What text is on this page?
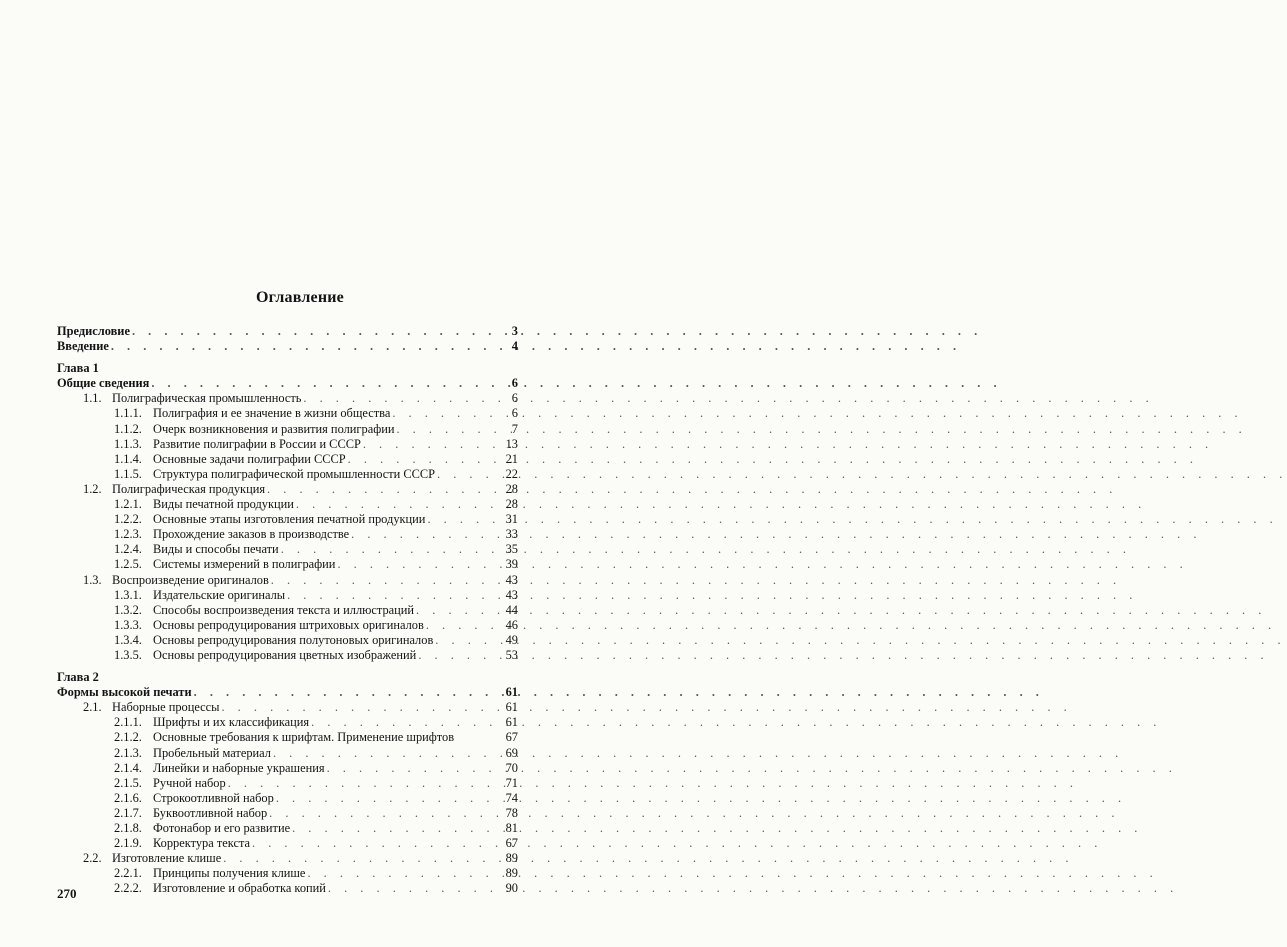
Оглавление
Предисловие . . .	3
Введение . . .	4
Глава 1
Общие сведения . . .	6
1.1. Полиграфическая промышленность . . .	6
1.1.1. Полиграфия и ее значение в жизни общества . . .	6
1.1.2. Очерк возникновения и развития полиграфии . . .	7
1.1.3. Развитие полиграфии в России и СССР . . .	13
1.1.4. Основные задачи полиграфии СССР . . .	21
1.1.5. Структура полиграфической промышленности СССР . . .	22
1.2. Полиграфическая продукция . . .	28
1.2.1. Виды печатной продукции . . .	28
1.2.2. Основные этапы изготовления печатной продукции . . .	31
1.2.3. Прохождение заказов в производстве . . .	33
1.2.4. Виды и способы печати . . .	35
1.2.5. Системы измерений в полиграфии . . .	39
1.3. Воспроизведение оригиналов . . .	43
1.3.1. Издательские оригиналы . . .	43
1.3.2. Способы воспроизведения текста и иллюстраций . . .	44
1.3.3. Основы репродуцирования штриховых оригиналов . . .	46
1.3.4. Основы репродуцирования полутоновых оригиналов . . .	49
1.3.5. Основы репродуцирования цветных изображений . . .	53
Глава 2
Формы высокой печати . . .	61
2.1. Наборные процессы . . .	61
2.1.1. Шрифты и их классификация . . .	61
2.1.2. Основные требования к шрифтам. Применение шрифтов	67
2.1.3. Пробельный материал . . .	69
2.1.4. Линейки и наборные украшения . . .	70
2.1.5. Ручной набор . . .	71
2.1.6. Строкоотливной набор . . .	74
2.1.7. Буквоотливной набор . . .	78
2.1.8. Фотонабор и его развитие . . .	81
2.1.9. Корректура текста . . .	67
2.2. Изготовление клише . . .	89
2.2.1. Принципы получения клише . . .	89
2.2.2. Изготовление и обработка копий . . .	90
270
